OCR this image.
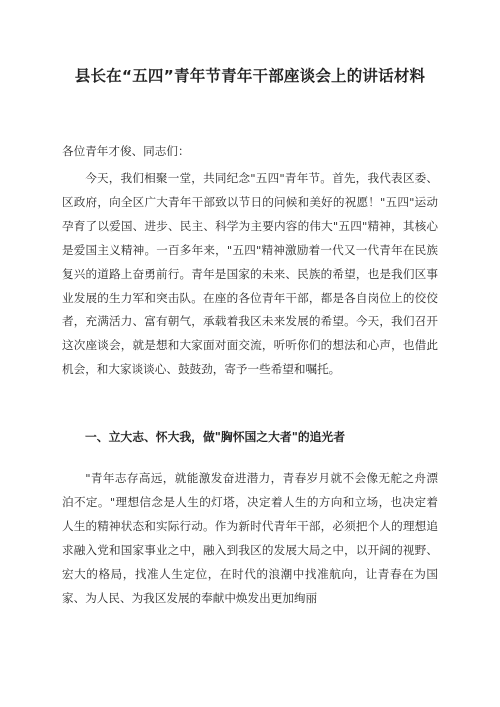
县长在“五四”青年节青年干部座谈会上的讲话材料

各位青年才俊、同志们：

今天，我们相聚一堂，共同纪念"五四"青年节。首先，我代表区委、区政府，向全区广大青年干部致以节日的问候和美好的祝愿！"五四"运动孕育了以爱国、进步、民主、科学为主要内容的伟大"五四"精神，其核心是爱国主义精神。一百多年来，"五四"精神激励着一代又一代青年在民族复兴的道路上奋勇前行。青年是国家的未来、民族的希望，也是我们区事业发展的生力军和突击队。在座的各位青年干部，都是各自岗位上的佼佼者，充满活力、富有朝气，承载着我区未来发展的希望。今天，我们召开这次座谈会，就是想和大家面对面交流，听听你们的想法和心声，也借此机会，和大家谈谈心、鼓鼓劲，寄予一些希望和嘱托。

一、立大志、怀大我，做"胸怀国之大者"的追光者

"青年志存高远，就能激发奋进潜力，青春岁月就不会像无舵之舟漂泊不定。"理想信念是人生的灯塔，决定着人生的方向和立场，也决定着人生的精神状态和实际行动。作为新时代青年干部，必须把个人的理想追求融入党和国家事业之中，融入到我区的发展大局之中，以开阔的视野、宏大的格局，找准人生定位，在时代的浪潮中找准航向，让青春在为国家、为人民、为我区发展的奉献中焕发出更加绚丽
